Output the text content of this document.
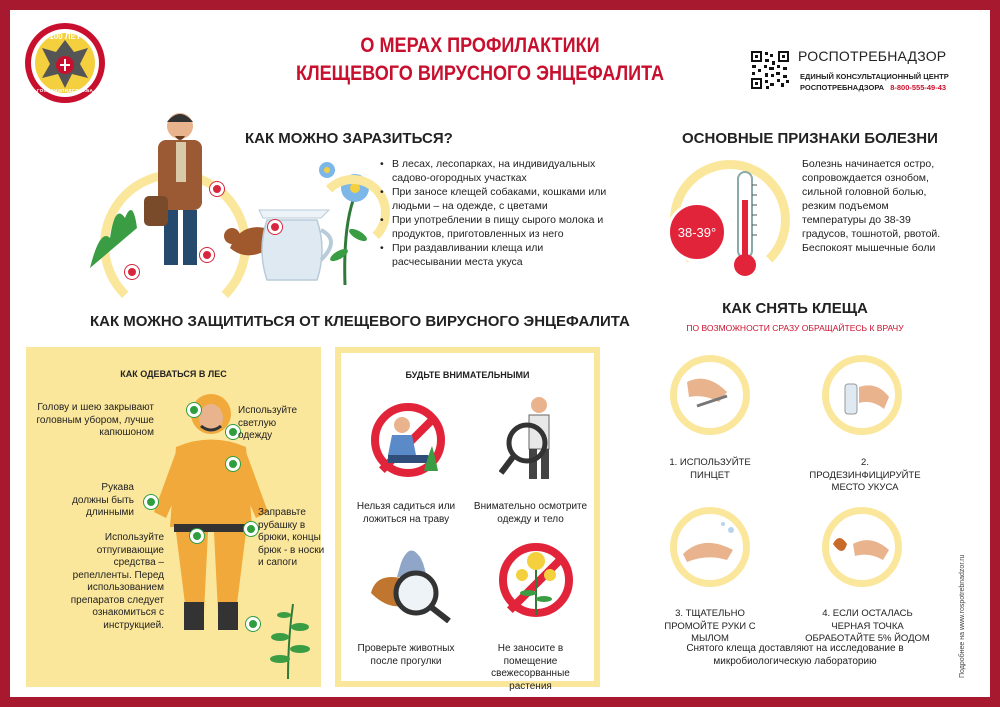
100 ЛЕТ
ГОССАНЭПИДСЛУЖБА
О МЕРАХ ПРОФИЛАКТИКИ
КЛЕЩЕВОГО ВИРУСНОГО ЭНЦЕФАЛИТА
РОСПОТРЕБНАДЗОР
ЕДИНЫЙ КОНСУЛЬТАЦИОННЫЙ ЦЕНТР
РОСПОТРЕБНАДЗОРА 8-800-555-49-43
КАК МОЖНО ЗАРАЗИТЬСЯ?
• В лесах, лесопарках, на индивидуальных садово-огородных участках
• При заносе клещей собаками, кошками или людьми – на одежде, с цветами
• При употреблении в пищу сырого молока и продуктов, приготовленных из него
• При раздавливании клеща или расчесывании места укуса
ОСНОВНЫЕ ПРИЗНАКИ БОЛЕЗНИ
38-39°
Болезнь начинается остро, сопровождается ознобом, сильной головной болью, резким подъемом температуры до 38-39 градусов, тошнотой, рвотой. Беспокоят мышечные боли
КАК МОЖНО ЗАЩИТИТЬСЯ ОТ КЛЕЩЕВОГО ВИРУСНОГО ЭНЦЕФАЛИТА
КАК ОДЕВАТЬСЯ В ЛЕС
Голову и шею закрывают головным убором, лучше капюшоном
Используйте светлую одежду
Рукава должны быть длинными	Заправьте рубашку в брюки, концы брюк - в носки и сапоги
Используйте отпугивающие средства – репелленты. Перед использованием препаратов следует ознакомиться с инструкцией.
БУДЬТЕ ВНИМАТЕЛЬНЫМИ
Нельзя садиться или ложиться на траву
Внимательно осмотрите одежду и тело
Проверьте животных после прогулки
Не заносите в помещение свежесорванные растения
КАК СНЯТЬ КЛЕЩА
ПО ВОЗМОЖНОСТИ СРАЗУ ОБРАЩАЙТЕСЬ К ВРАЧУ
1. ИСПОЛЬЗУЙТЕ ПИНЦЕТ
2. ПРОДЕЗИНФИЦИРУЙТЕ МЕСТО УКУСА
3. ТЩАТЕЛЬНО ПРОМОЙТЕ РУКИ С МЫЛОМ
4. ЕСЛИ ОСТАЛАСЬ ЧЕРНАЯ ТОЧКА ОБРАБОТАЙТЕ 5% ЙОДОМ
Снятого клеща доставляют на исследование в микробиологическую лабораторию	Подробнее на www.rospotrebnadzor.ru
